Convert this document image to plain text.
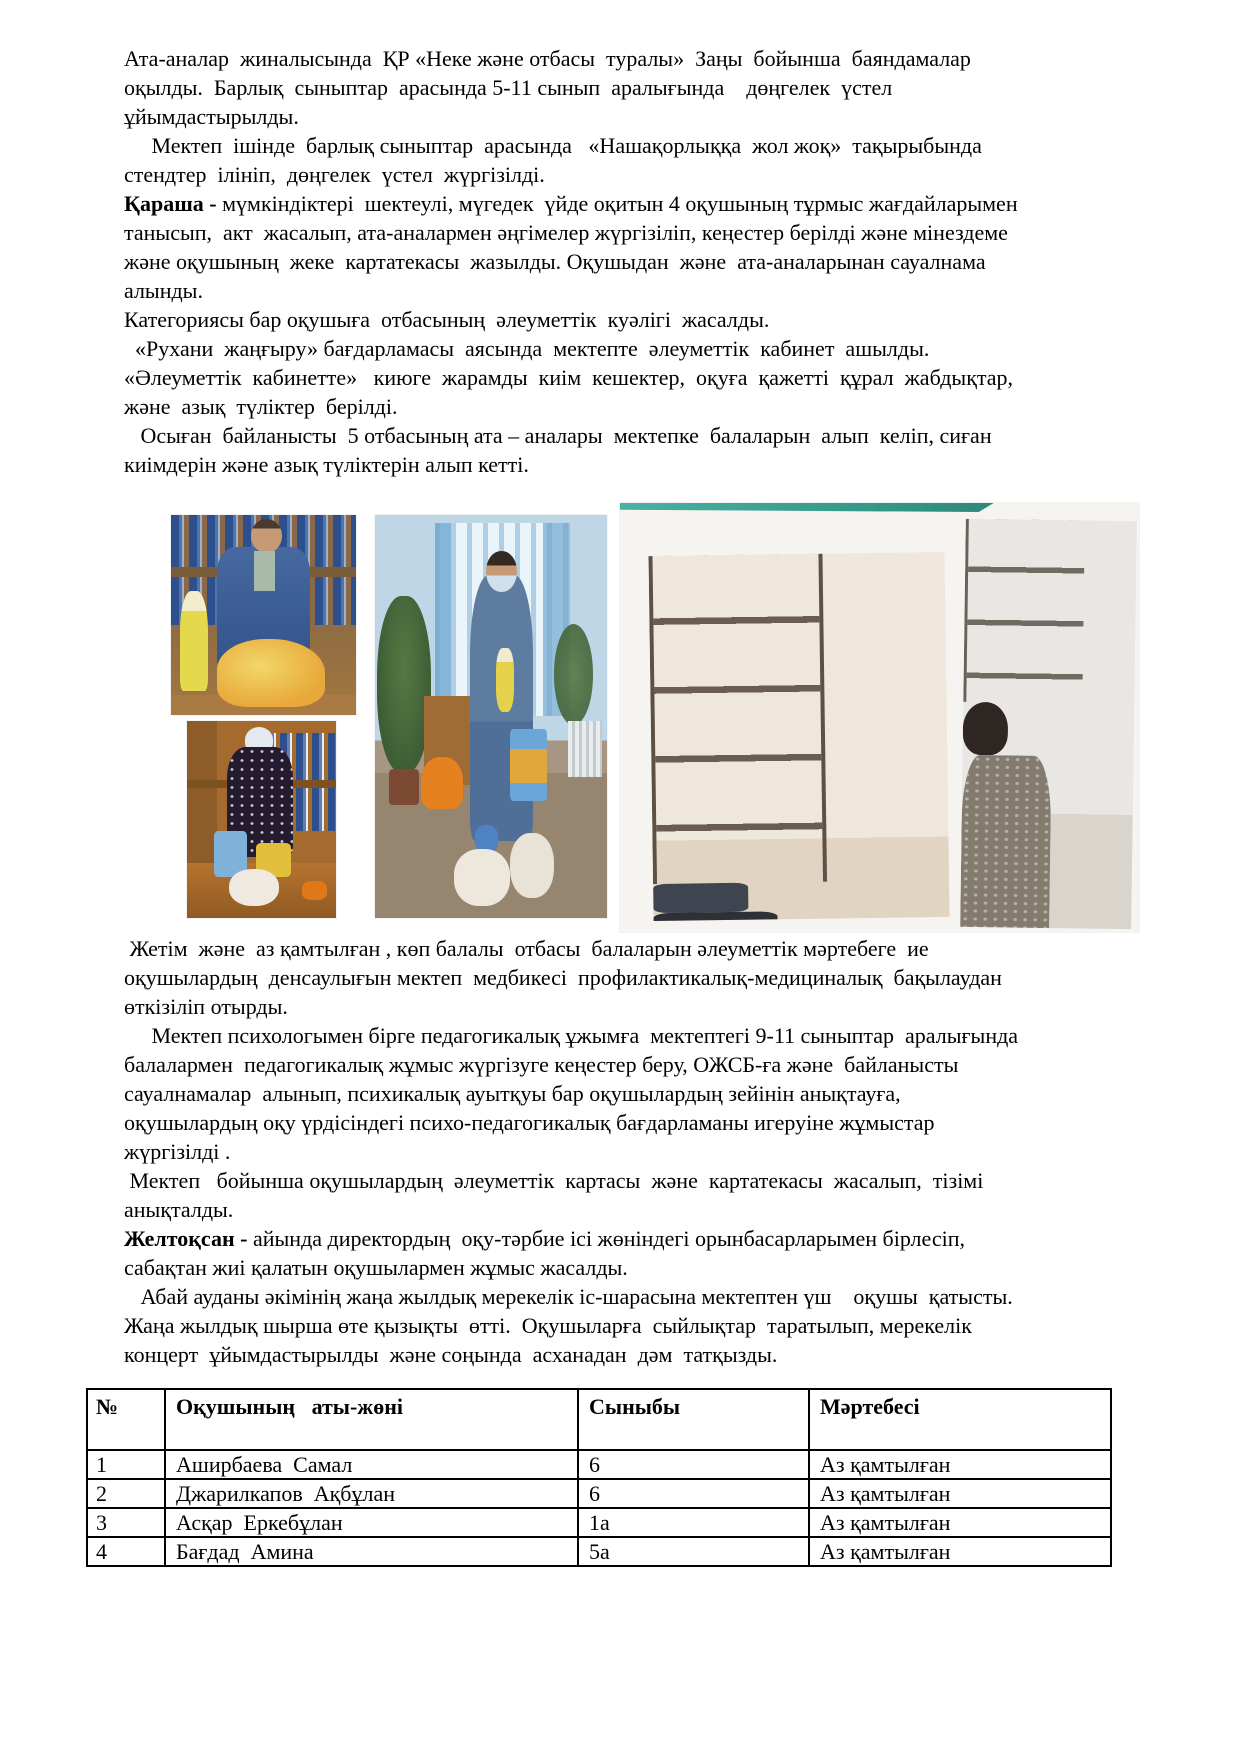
Ата-аналар  жиналысында  ҚР «Неке және отбасы  туралы»  Заңы  бойынша  баяндамалар
оқылды.  Барлық  сыныптар  арасында 5-11 сынып  аралығында    дөңгелек  үстел
ұйымдастырылды.
Мектеп  ішінде  барлық сыныптар  арасында   «Нашақорлыққа  жол жоқ»  тақырыбында
стендтер  ілініп,  дөңгелек  үстел  жүргізілді.
Қараша - мүмкіндіктері  шектеулі, мүгедек  үйде оқитын 4 оқушының тұрмыс жағдайларымен
танысып,  акт  жасалып, ата-аналармен әңгімелер жүргізіліп, кеңестер берілді және мінездеме
және оқушының  жеке  картатекасы  жазылды. Оқушыдан  және  ата-аналарынан сауалнама
алынды.
Категориясы бар оқушыға  отбасының  әлеуметтік  куәлігі  жасалды.
«Рухани  жаңғыру» бағдарламасы  аясында  мектепте  әлеуметтік  кабинет  ашылды.
«Әлеуметтік  кабинетте»   киюге  жарамды  киім  кешектер,  оқуға  қажетті  құрал  жабдықтар,
және  азық  түліктер  берілді.
Осыған  байланысты  5 отбасының ата – аналары  мектепке  балаларын  алып  келіп, сиған
киімдерін және азық түліктерін алып кетті.
Жетім  және  аз қамтылған , көп балалы  отбасы  балаларын әлеуметтік мәртебеге  ие
оқушылардың  денсаулығын мектеп  медбикесі  профилактикалық-медициналық  бақылаудан
өткізіліп отырды.
Мектеп психологымен бірге педагогикалық ұжымға  мектептегі 9-11 сыныптар  аралығында
балалармен  педагогикалық жұмыс жүргізуге кеңестер беру, ОЖСБ-ға және  байланысты
сауалнамалар  алынып, психикалық ауытқуы бар оқушылардың зейінін анықтауға,
оқушылардың оқу үрдісіндегі психо-педагогикалық бағдарламаны игеруіне жұмыстар
жүргізілді .
Мектеп   бойынша оқушылардың  әлеуметтік  картасы  және  картатекасы  жасалып,  тізімі
анықталды.
Желтоқсан - айында директордың  оқу-тәрбие ісі жөніндегі орынбасарларымен бірлесіп,
сабақтан жиі қалатын оқушылармен жұмыс жасалды.
Абай ауданы әкімінің жаңа жылдық мерекелік іс-шарасына мектептен үш    оқушы  қатысты.
Жаңа жылдық шырша өте қызықты  өтті.  Оқушыларға  сыйлықтар  таратылып, мерекелік
концерт  ұйымдастырылды  және соңында  асханадан  дәм  татқызды.
№	Оқушының   аты-жөні	Сыныбы	Мәртебесі
1	Аширбаева  Самал	6	Аз қамтылған
2	Джарилкапов  Ақбұлан	6	Аз қамтылған
3	Асқар  Еркебұлан	1а	Аз қамтылған
4	Бағдад  Амина	5а	Аз қамтылған
